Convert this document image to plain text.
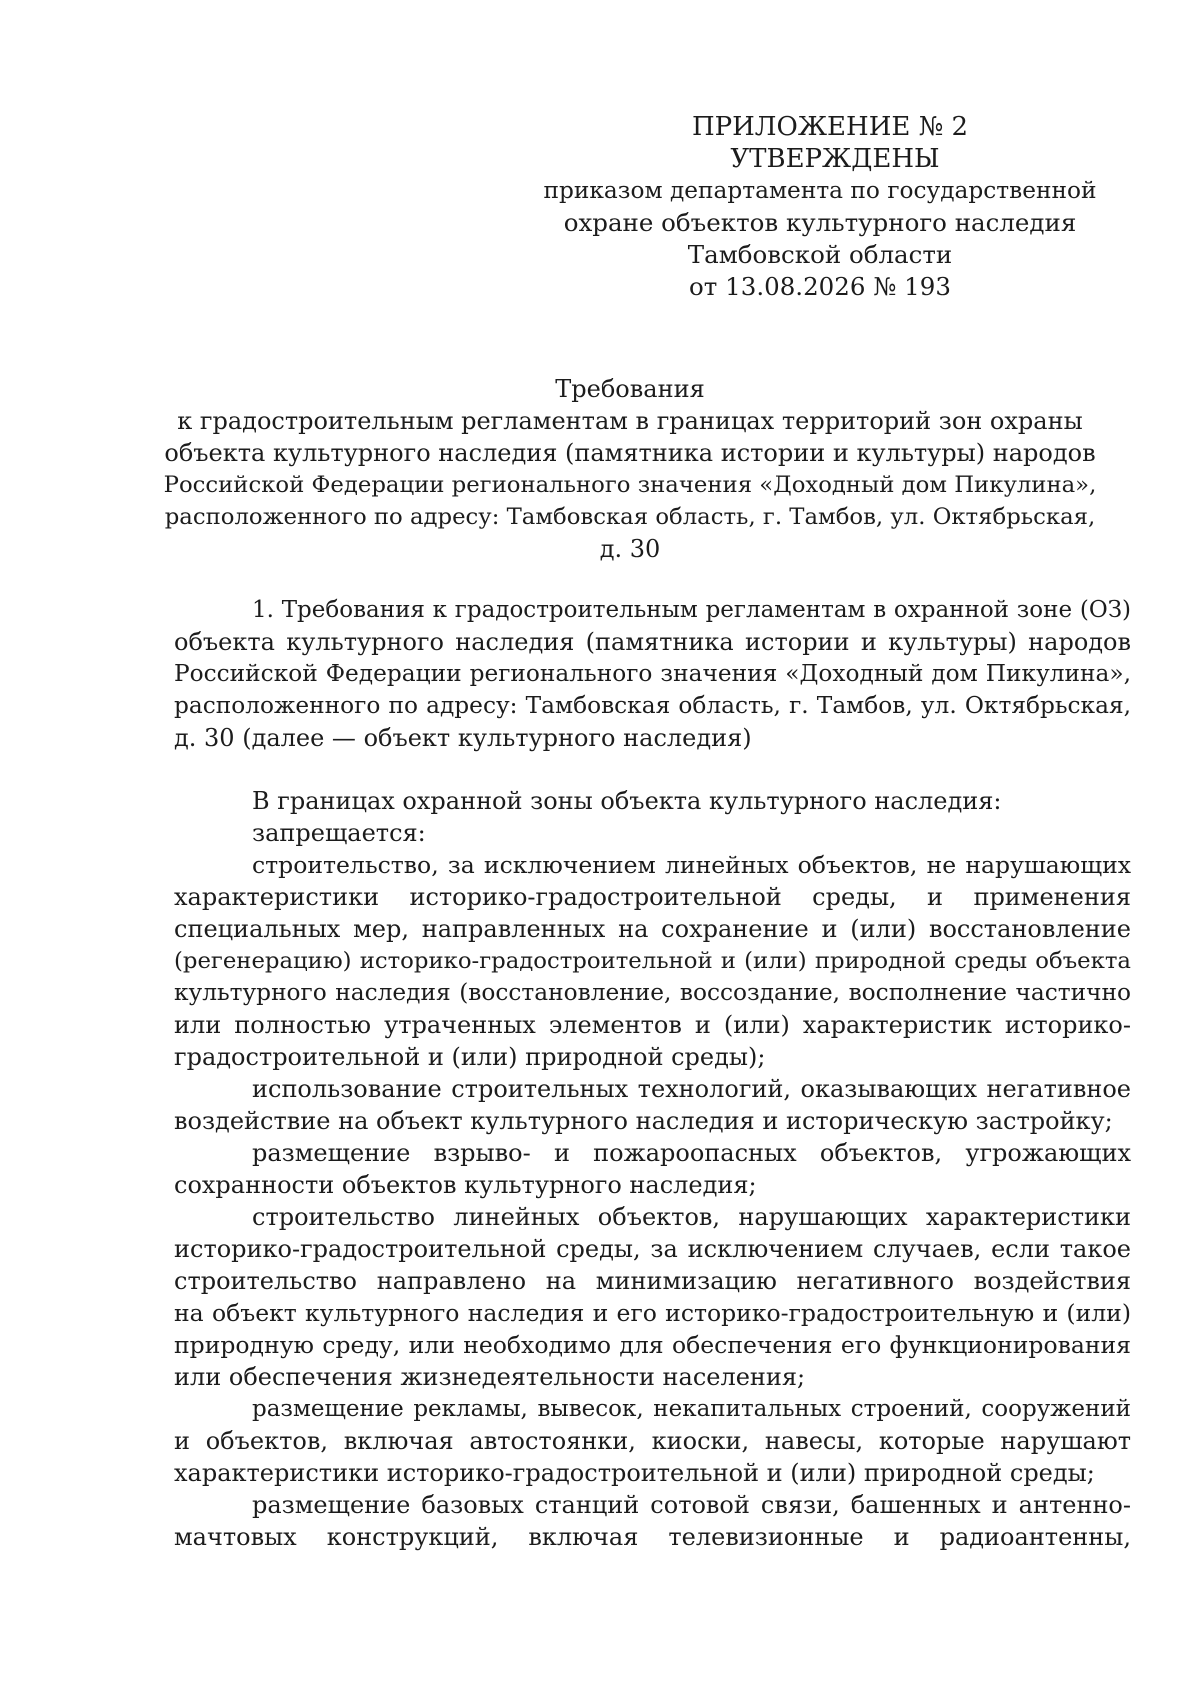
ПРИЛОЖЕНИЕ № 2
УТВЕРЖДЕНЫ
приказом департамента по государственной
охране объектов культурного наследия
Тамбовской области
от 13.08.2026 № 193
Требования
к градостроительным регламентам в границах территорий зон охраны
объекта культурного наследия (памятника истории и культуры) народов
Российской Федерации регионального значения «Доходный дом Пикулина»,
расположенного по адресу: Тамбовская область, г. Тамбов, ул. Октябрьская,
д. 30
1. Требования к градостроительным регламентам в охранной зоне (ОЗ)
объекта культурного наследия (памятника истории и культуры) народов
Российской Федерации регионального значения «Доходный дом Пикулина»,
расположенного по адресу: Тамбовская область, г. Тамбов, ул. Октябрьская,
д. 30 (далее — объект культурного наследия)
В границах охранной зоны объекта культурного наследия:
запрещается:
строительство, за исключением линейных объектов, не нарушающих
характеристики историко-градостроительной среды, и применения
специальных мер, направленных на сохранение и (или) восстановление
(регенерацию) историко-градостроительной и (или) природной среды объекта
культурного наследия (восстановление, воссоздание, восполнение частично
или полностью утраченных элементов и (или) характеристик историко-
градостроительной и (или) природной среды);
использование строительных технологий, оказывающих негативное
воздействие на объект культурного наследия и историческую застройку;
размещение взрыво- и пожароопасных объектов, угрожающих
сохранности объектов культурного наследия;
строительство линейных объектов, нарушающих характеристики
историко-градостроительной среды, за исключением случаев, если такое
строительство направлено на минимизацию негативного воздействия
на объект культурного наследия и его историко-градостроительную и (или)
природную среду, или необходимо для обеспечения его функционирования
или обеспечения жизнедеятельности населения;
размещение рекламы, вывесок, некапитальных строений, сооружений
и объектов, включая автостоянки, киоски, навесы, которые нарушают
характеристики историко-градостроительной и (или) природной среды;
размещение базовых станций сотовой связи, башенных и антенно-
мачтовых конструкций, включая телевизионные и радиоантенны,
